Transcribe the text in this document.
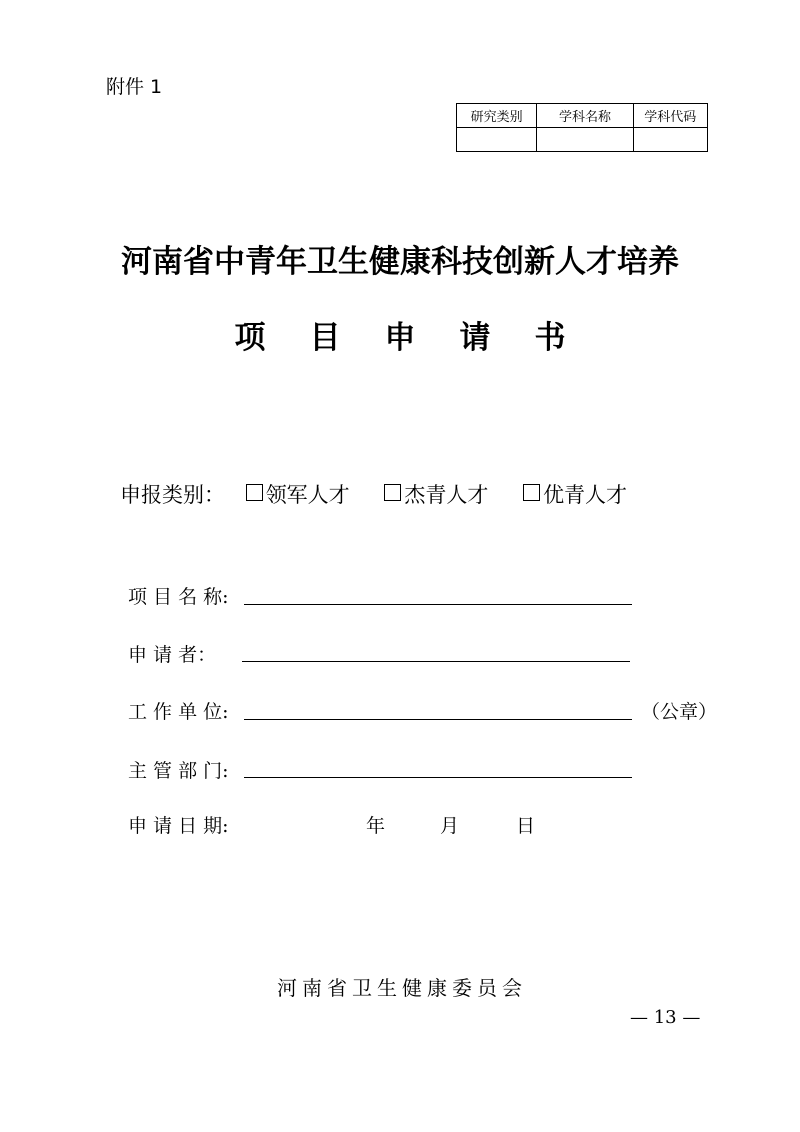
附件 1
研究类别	学科名称	学科代码

河南省中青年卫生健康科技创新人才培养
项 目 申 请 书
申报类别： 领军人才	杰青人才	优青人才
项 目 名 称:
申 请 者：
工 作 单 位:	（公章）
主 管 部 门:
申 请 日 期:	年	月	日
河南省卫生健康委员会
— 13 —
